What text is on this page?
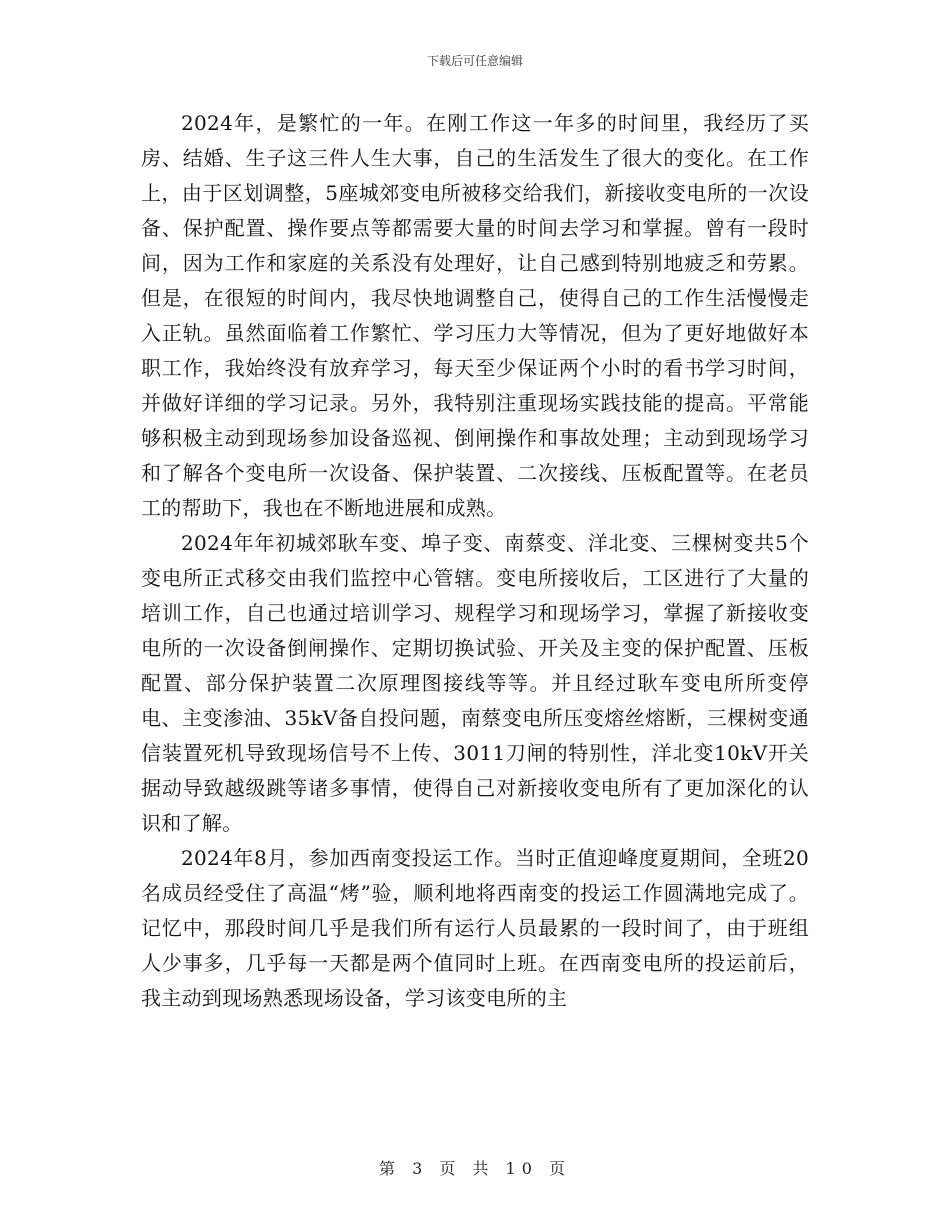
下载后可任意编辑

2024年，是繁忙的一年。在刚工作这一年多的时间里，我经历了买房、结婚、生子这三件人生大事，自己的生活发生了很大的变化。在工作上，由于区划调整，5座城郊变电所被移交给我们，新接收变电所的一次设备、保护配置、操作要点等都需要大量的时间去学习和掌握。曾有一段时间，因为工作和家庭的关系没有处理好，让自己感到特别地疲乏和劳累。但是，在很短的时间内，我尽快地调整自己，使得自己的工作生活慢慢走入正轨。虽然面临着工作繁忙、学习压力大等情况，但为了更好地做好本职工作，我始终没有放弃学习，每天至少保证两个小时的看书学习时间，并做好详细的学习记录。另外，我特别注重现场实践技能的提高。平常能够积极主动到现场参加设备巡视、倒闸操作和事故处理；主动到现场学习和了解各个变电所一次设备、保护装置、二次接线、压板配置等。在老员工的帮助下，我也在不断地进展和成熟。

2024年年初城郊耿车变、埠子变、南蔡变、洋北变、三棵树变共5个变电所正式移交由我们监控中心管辖。变电所接收后，工区进行了大量的培训工作，自己也通过培训学习、规程学习和现场学习，掌握了新接收变电所的一次设备倒闸操作、定期切换试验、开关及主变的保护配置、压板配置、部分保护装置二次原理图接线等等。并且经过耿车变电所所变停电、主变渗油、35kV备自投问题，南蔡变电所压变熔丝熔断，三棵树变通信装置死机导致现场信号不上传、3011刀闸的特别性，洋北变10kV开关据动导致越级跳等诸多事情，使得自己对新接收变电所有了更加深化的认识和了解。

2024年8月，参加西南变投运工作。当时正值迎峰度夏期间，全班20名成员经受住了高温“烤”验，顺利地将西南变的投运工作圆满地完成了。记忆中，那段时间几乎是我们所有运行人员最累的一段时间了，由于班组人少事多，几乎每一天都是两个值同时上班。在西南变电所的投运前后，我主动到现场熟悉现场设备，学习该变电所的主

第 3 页 共 10 页
